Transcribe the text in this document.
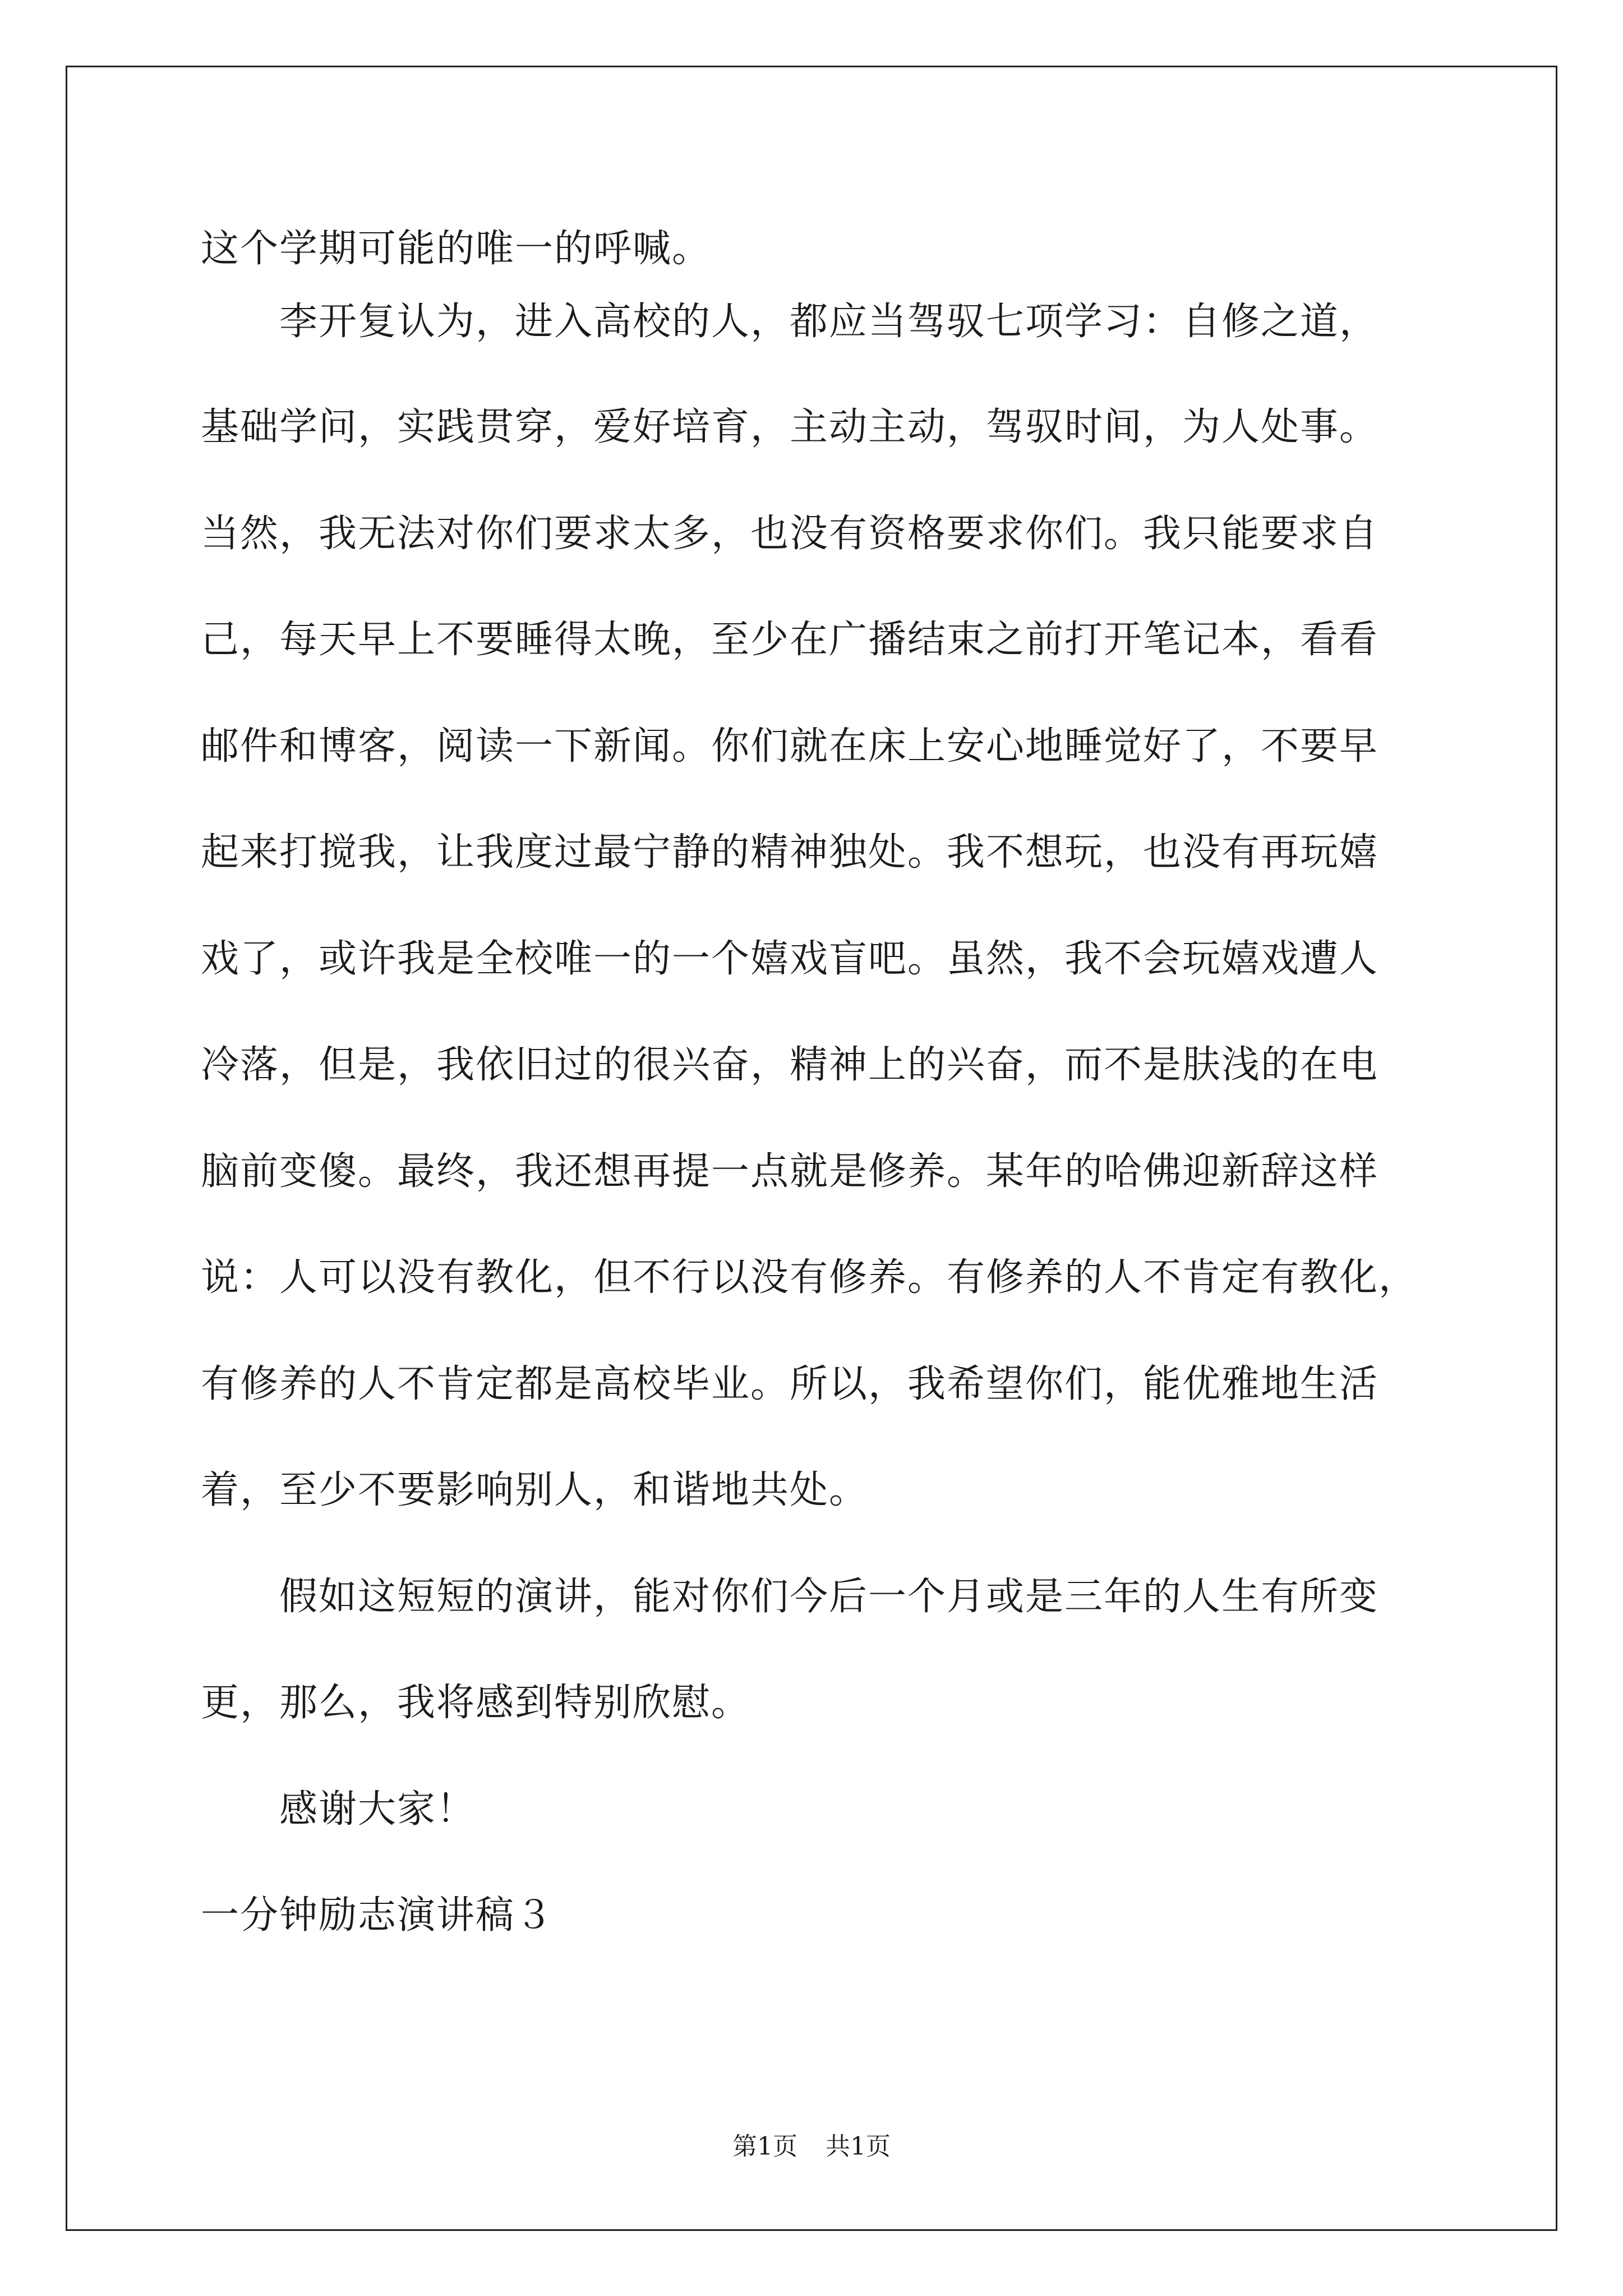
这个学期可能的唯一的呼喊。
　　李开复认为，进入高校的人，都应当驾驭七项学习：自修之道，
基础学问，实践贯穿，爱好培育，主动主动，驾驭时间，为人处事。
当然，我无法对你们要求太多，也没有资格要求你们。我只能要求自
己，每天早上不要睡得太晚，至少在广播结束之前打开笔记本，看看
邮件和博客，阅读一下新闻。你们就在床上安心地睡觉好了，不要早
起来打搅我，让我度过最宁静的精神独处。我不想玩，也没有再玩嬉
戏了，或许我是全校唯一的一个嬉戏盲吧。虽然，我不会玩嬉戏遭人
冷落，但是，我依旧过的很兴奋，精神上的兴奋，而不是肤浅的在电
脑前变傻。最终，我还想再提一点就是修养。某年的哈佛迎新辞这样
说：人可以没有教化，但不行以没有修养。有修养的人不肯定有教化，
有修养的人不肯定都是高校毕业。所以，我希望你们，能优雅地生活
着，至少不要影响别人，和谐地共处。
　　假如这短短的演讲，能对你们今后一个月或是三年的人生有所变
更，那么，我将感到特别欣慰。
　　感谢大家！
一分钟励志演讲稿３
第1页 共1页
